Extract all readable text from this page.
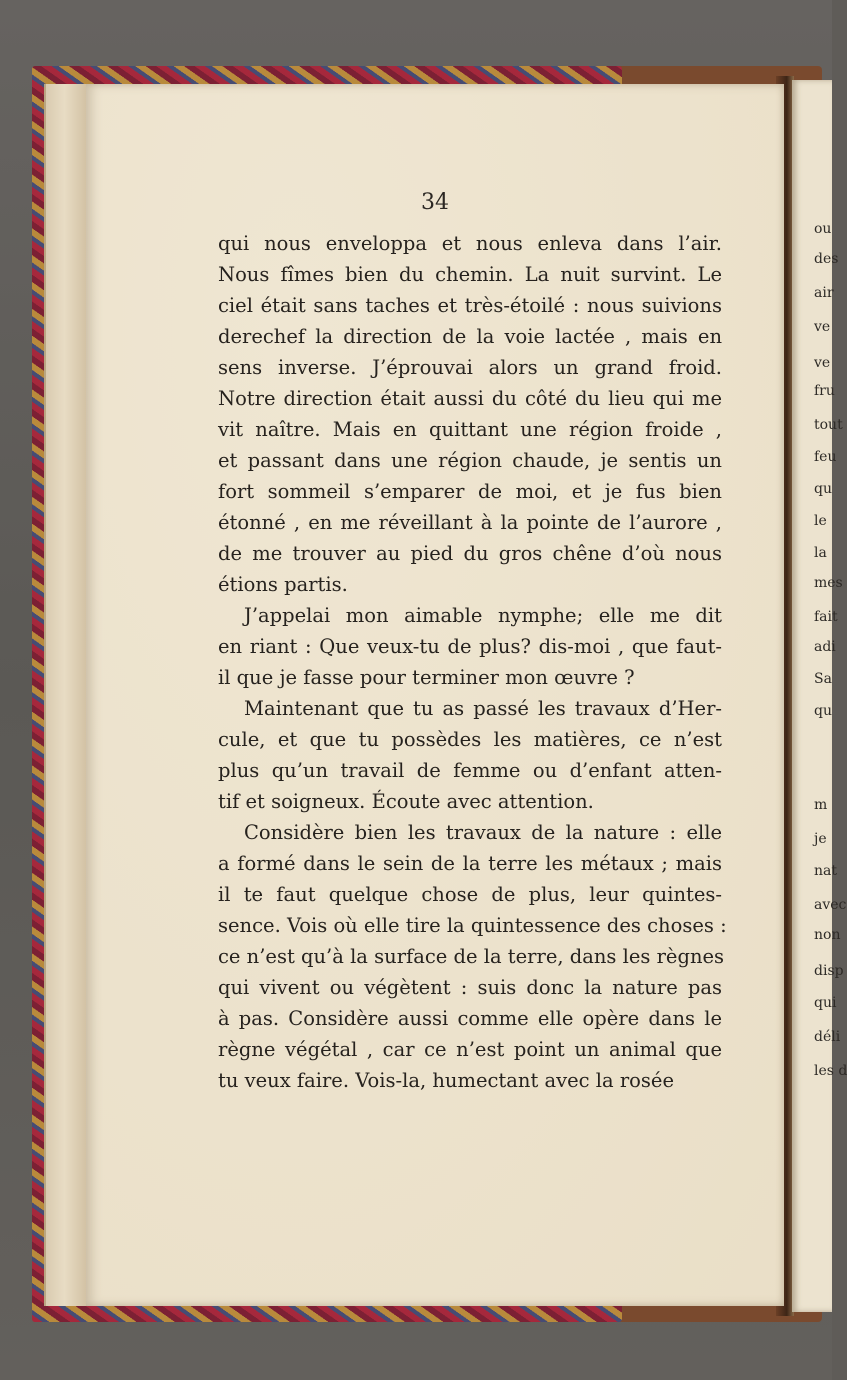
ou
des
air
ve
ve
fru
tout
feu
qu
le
la
mes
fait
adi
Sa
qu
m
je
nat
avec
non
disp
qui
déli
les d
34
qui nous enveloppa et nous enleva dans l’air.
Nous fîmes bien du chemin. La nuit survint. Le
ciel était sans taches et très-étoilé : nous suivions
derechef la direction de la voie lactée , mais en
sens inverse. J’éprouvai alors un grand froid.
Notre direction était aussi du côté du lieu qui me
vit naître. Mais en quittant une région froide ,
et passant dans une région chaude, je sentis un
fort sommeil s’emparer de moi, et je fus bien
étonné , en me réveillant à la pointe de l’aurore ,
de me trouver au pied du gros chêne d’où nous
étions partis.
J’appelai mon aimable nymphe; elle me dit
en riant : Que veux-tu de plus? dis-moi , que faut-
il que je fasse pour terminer mon œuvre ?
Maintenant que tu as passé les travaux d’Her-
cule, et que tu possèdes les matières, ce n’est
plus qu’un travail de femme ou d’enfant atten-
tif et soigneux. Écoute avec attention.
Considère bien les travaux de la nature : elle
a formé dans le sein de la terre les métaux ; mais
il te faut quelque chose de plus, leur quintes-
sence. Vois où elle tire la quintessence des choses :
ce n’est qu’à la surface de la terre, dans les règnes
qui vivent ou végètent : suis donc la nature pas
à pas. Considère aussi comme elle opère dans le
règne végétal , car ce n’est point un animal que
tu veux faire. Vois-la, humectant avec la rosée
